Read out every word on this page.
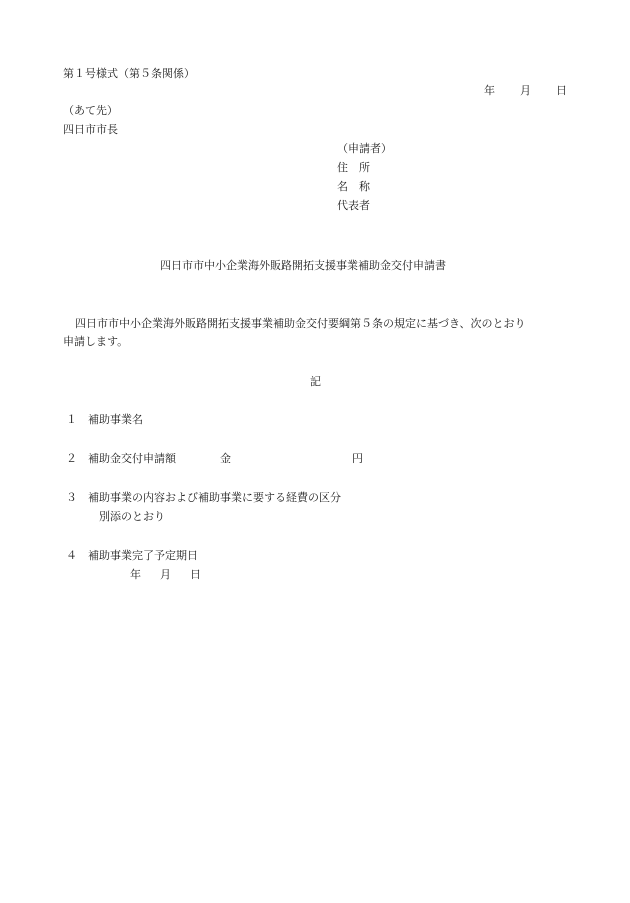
第１号様式（第５条関係）
年 月 日
（あて先）
四日市市長
（申請者）
住　所
名　称
代表者
四日市市中小企業海外販路開拓支援事業補助金交付申請書
四日市市中小企業海外販路開拓支援事業補助金交付要綱第５条の規定に基づき、次のとおり
申請します。
記
１ 補助事業名
２ 補助金交付申請額	金	円
３ 補助事業の内容および補助事業に要する経費の区分
別添のとおり
４ 補助事業完了予定期日
年 月 日
